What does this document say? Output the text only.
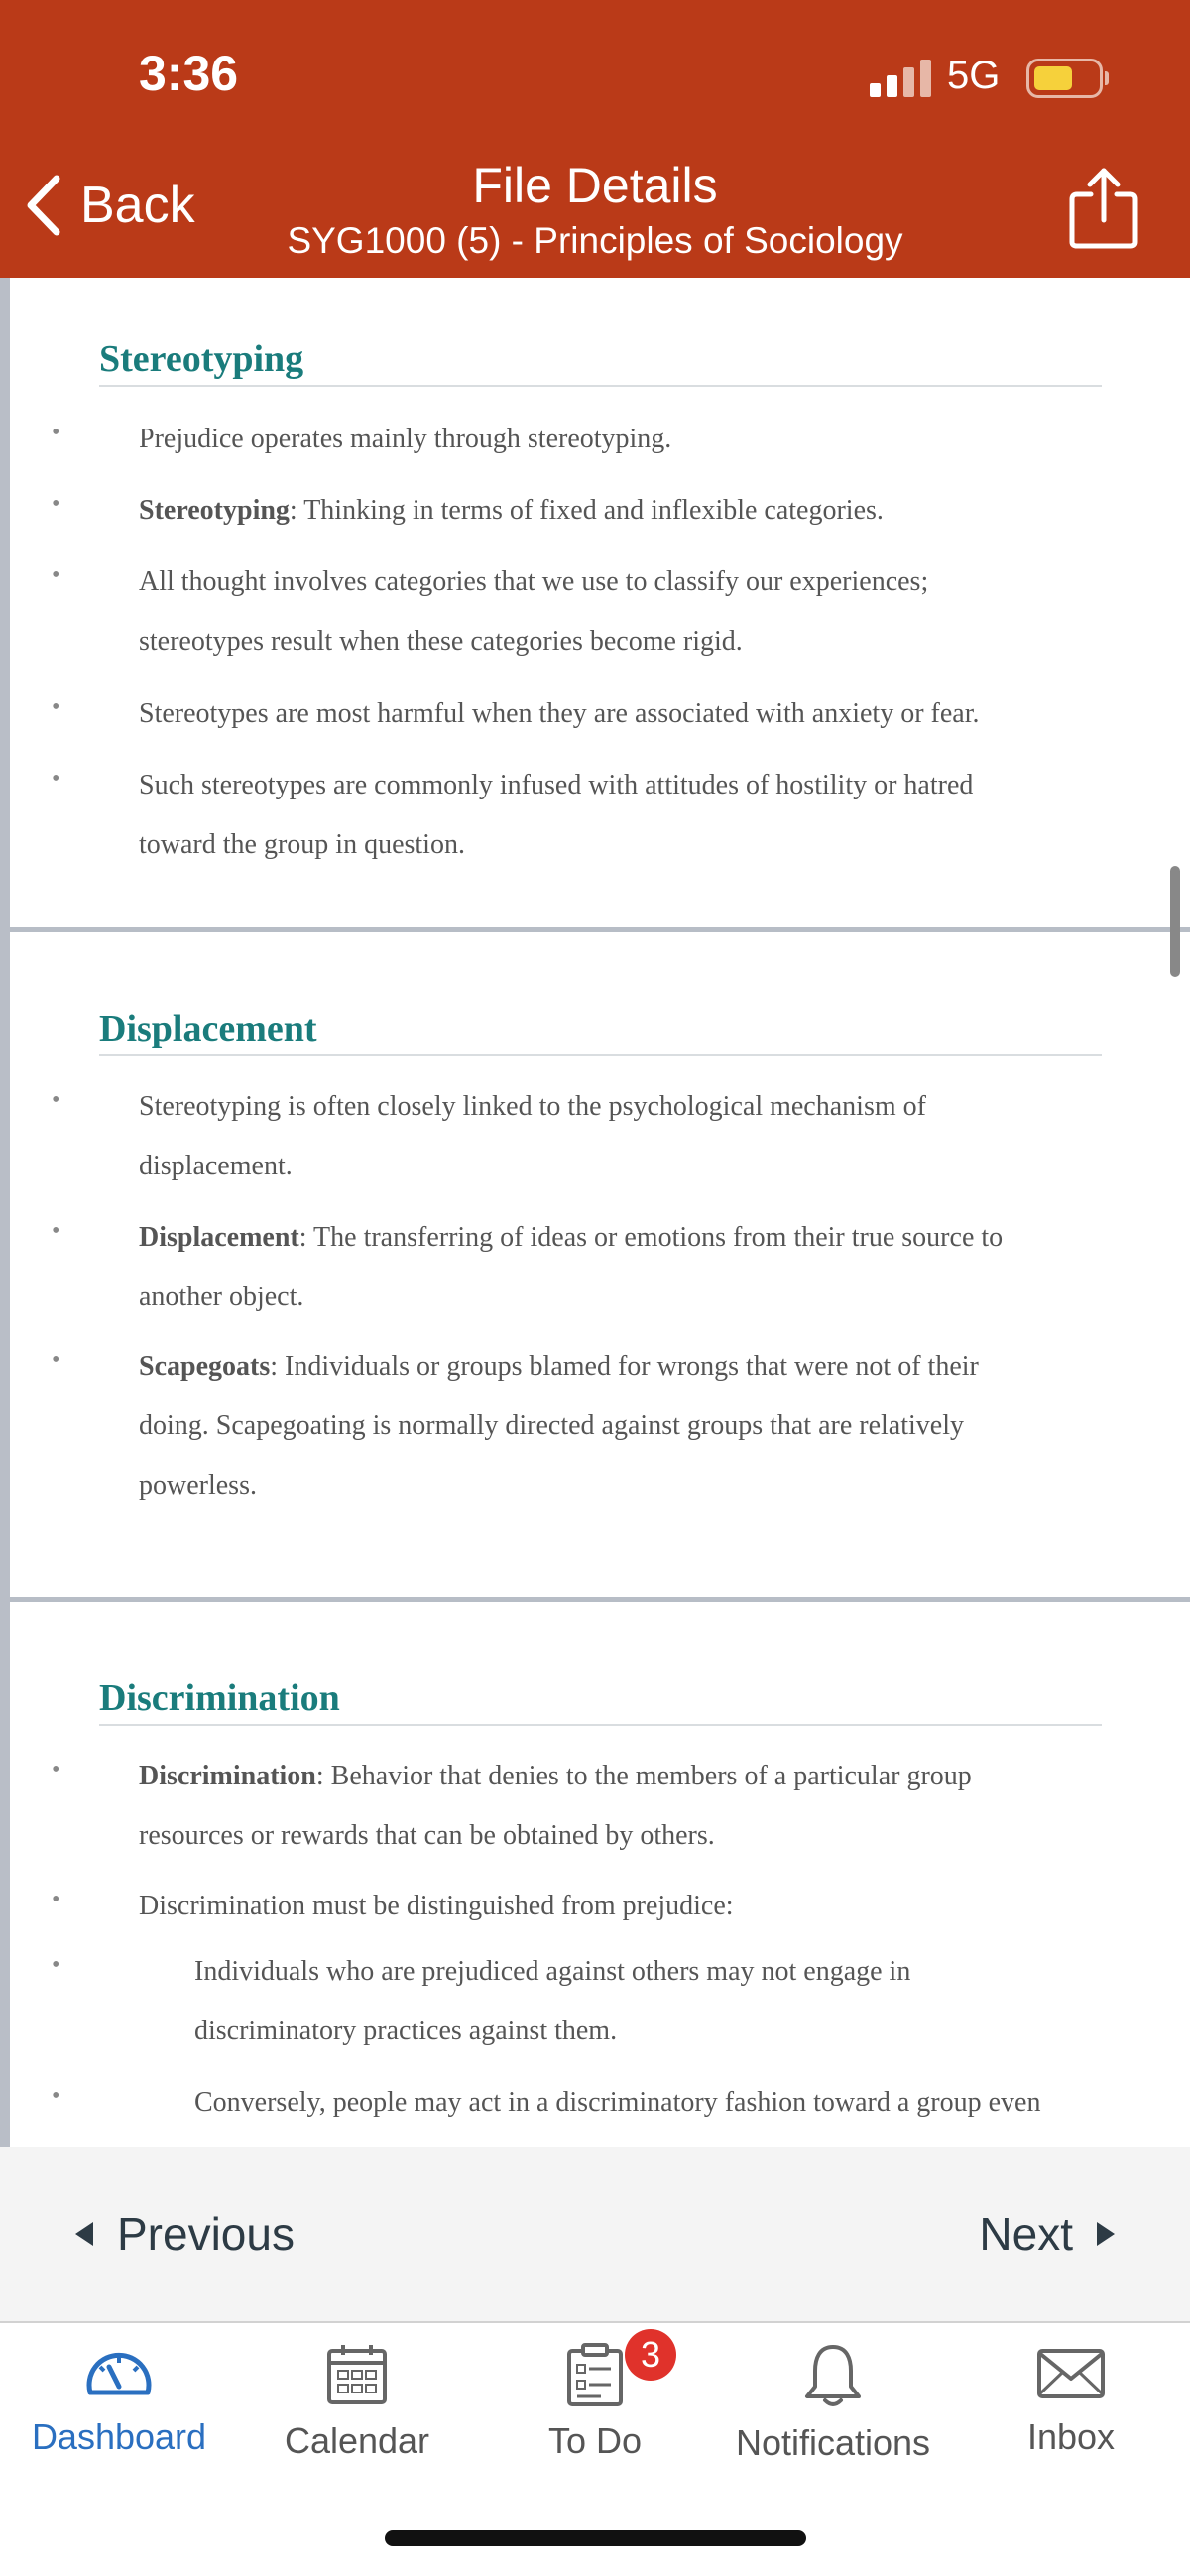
3:36	5G
Back	File Details
SYG1000 (5) - Principles of Sociology
Stereotyping
•	Prejudice operates mainly through stereotyping.
•	Stereotyping: Thinking in terms of fixed and inflexible categories.
•	All thought involves categories that we use to classify our experiences;
stereotypes result when these categories become rigid.
•	Stereotypes are most harmful when they are associated with anxiety or fear.
•	Such stereotypes are commonly infused with attitudes of hostility or hatred
toward the group in question.
Displacement
•	Stereotyping is often closely linked to the psychological mechanism of
displacement.
•	Displacement: The transferring of ideas or emotions from their true source to
another object.
•	Scapegoats: Individuals or groups blamed for wrongs that were not of their
doing. Scapegoating is normally directed against groups that are relatively
powerless.
Discrimination
•	Discrimination: Behavior that denies to the members of a particular group
resources or rewards that can be obtained by others.
•	Discrimination must be distinguished from prejudice:
•	Individuals who are prejudiced against others may not engage in
discriminatory practices against them.
•	Conversely, people may act in a discriminatory fashion toward a group even

Previous	Next
Dashboard	Calendar	To Do	Notifications	Inbox
3
